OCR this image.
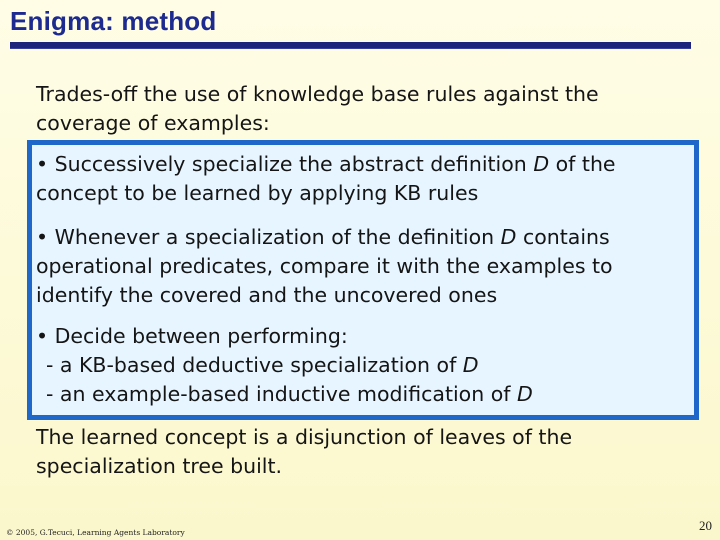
Enigma: method
Trades-off the use of knowledge base rules against the coverage of examples:
• Successively specialize the abstract definition D of the concept to be learned by applying KB rules
• Whenever a specialization of the definition D contains operational predicates, compare it with the examples to identify the covered and the uncovered ones
• Decide between performing:
- a KB-based deductive specialization of D
- an example-based inductive modification of D
The learned concept is a disjunction of leaves of the specialization tree built.
© 2005, G.Tecuci, Learning Agents Laboratory	20
